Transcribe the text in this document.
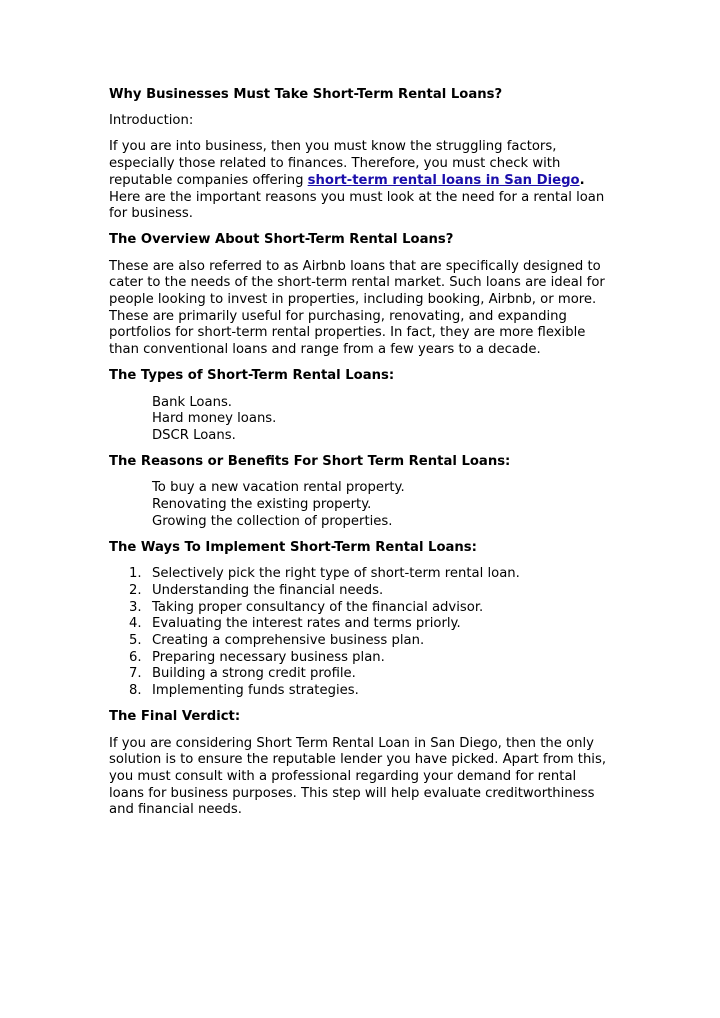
Why Businesses Must Take Short-Term Rental Loans?

Introduction:

If you are into business, then you must know the struggling factors, especially those related to finances. Therefore, you must check with reputable companies offering short-term rental loans in San Diego. Here are the important reasons you must look at the need for a rental loan for business.

The Overview About Short-Term Rental Loans?

These are also referred to as Airbnb loans that are specifically designed to cater to the needs of the short-term rental market. Such loans are ideal for people looking to invest in properties, including booking, Airbnb, or more. These are primarily useful for purchasing, renovating, and expanding portfolios for short-term rental properties. In fact, they are more flexible than conventional loans and range from a few years to a decade.

The Types of Short-Term Rental Loans:

Bank Loans.
Hard money loans.
DSCR Loans.

The Reasons or Benefits For Short Term Rental Loans:

To buy a new vacation rental property.
Renovating the existing property.
Growing the collection of properties.

The Ways To Implement Short-Term Rental Loans:

1. Selectively pick the right type of short-term rental loan.
2. Understanding the financial needs.
3. Taking proper consultancy of the financial advisor.
4. Evaluating the interest rates and terms priorly.
5. Creating a comprehensive business plan.
6. Preparing necessary business plan.
7. Building a strong credit profile.
8. Implementing funds strategies.

The Final Verdict:

If you are considering Short Term Rental Loan in San Diego, then the only solution is to ensure the reputable lender you have picked. Apart from this, you must consult with a professional regarding your demand for rental loans for business purposes. This step will help evaluate creditworthiness and financial needs.
